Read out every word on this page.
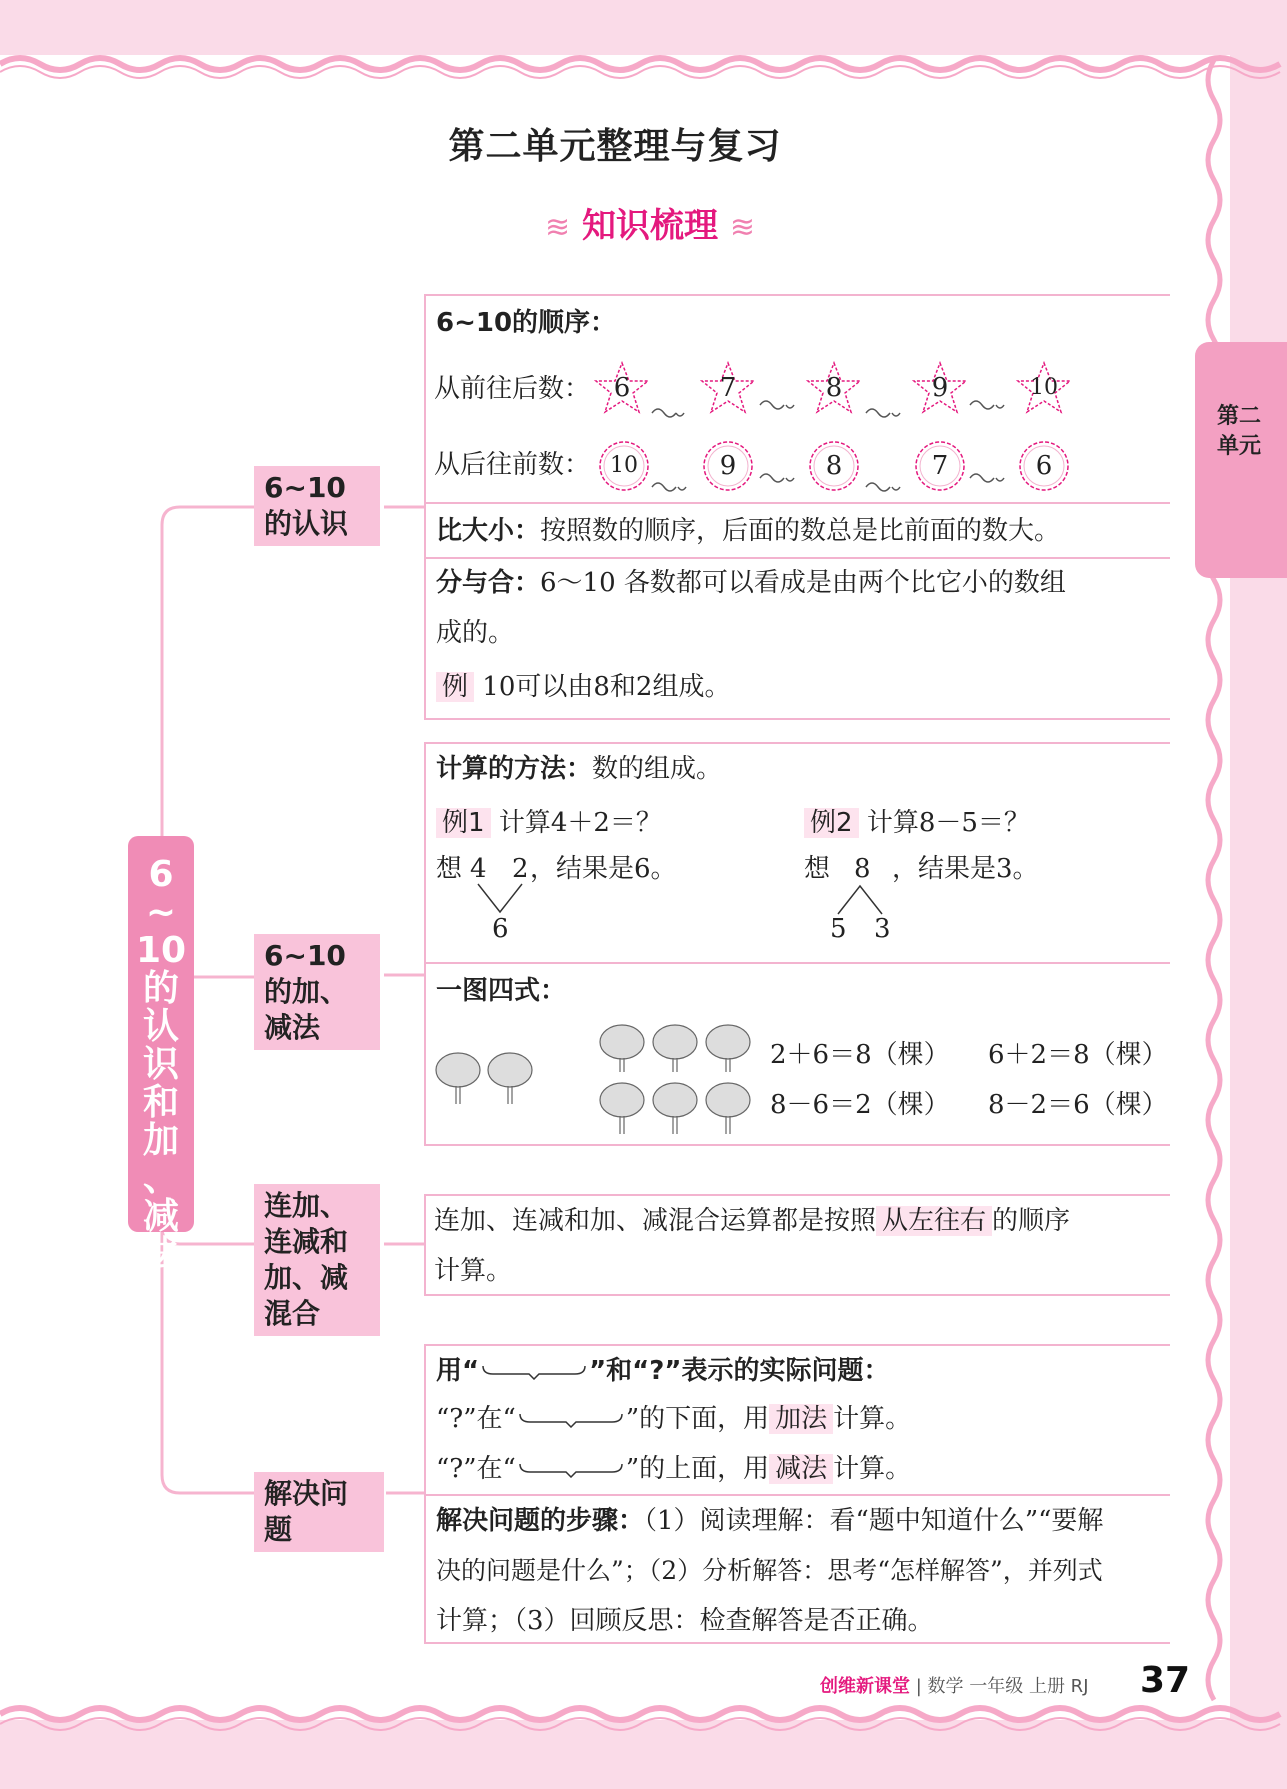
第二单元整理与复习
≋ 知识梳理 ≋
第二单元
6
~
10
的
认
识
和
加
、
减
法
6~10的认识
6~10的加、减法
连加、连减和加、减混合
解决问题
6~10的顺序：
从前往后数：
从后往前数：
6	7	8	9	10
10	9	8	7	6
比大小：按照数的顺序，后面的数总是比前面的数大。
分与合：6～10 各数都可以看成是由两个比它小的数组
成的。
例 10可以由8和2组成。
计算的方法：数的组成。
例1 计算4＋2＝？
想 4 2 ，结果是6。
6
例2 计算8－5＝？
想 8 ，结果是3。
5 3
一图四式：
2＋6＝8（棵） 6＋2＝8（棵）
8－6＝2（棵） 8－2＝6（棵）
连加、连减和加、减混合运算都是按照 从左往右 的顺序
计算。
用“	”和“?”表示的实际问题：
“?”在“	”的下面，用 加法 计算。
“?”在“	”的上面，用 减法 计算。
解决问题的步骤：（1）阅读理解：看“题中知道什么”“要解
决的问题是什么”；（2）分析解答：思考“怎样解答”，并列式
计算；（3）回顾反思：检查解答是否正确。
创维新课堂 | 数学 一年级 上册 RJ 37
